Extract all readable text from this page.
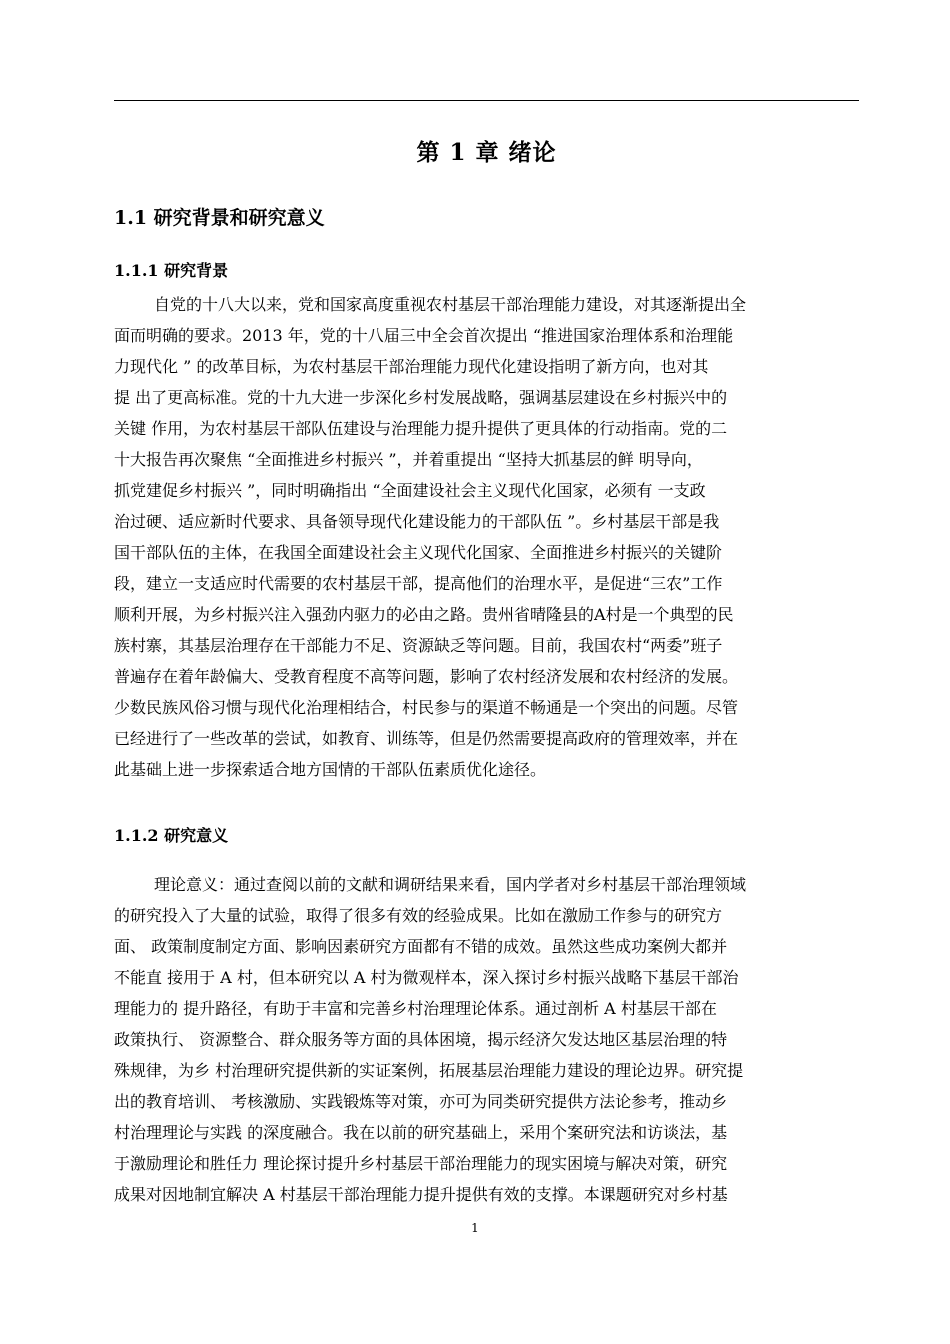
第 1 章 绪论
1.1 研究背景和研究意义
1.1.1 研究背景
自党的十八大以来，党和国家高度重视农村基层干部治理能力建设，对其逐渐提出全
面而明确的要求。2013 年，党的十八届三中全会首次提出 “推进国家治理体系和治理能
力现代化 ” 的改革目标，为农村基层干部治理能力现代化建设指明了新方向，也对其
提 出了更高标准。党的十九大进一步深化乡村发展战略，强调基层建设在乡村振兴中的
关键 作用，为农村基层干部队伍建设与治理能力提升提供了更具体的行动指南。党的二
十大报告再次聚焦 “全面推进乡村振兴 ”，并着重提出 “坚持大抓基层的鲜 明导向，
抓党建促乡村振兴 ”，同时明确指出 “全面建设社会主义现代化国家，必须有 一支政
治过硬、适应新时代要求、具备领导现代化建设能力的干部队伍 ”。乡村基层干部是我
国干部队伍的主体，在我国全面建设社会主义现代化国家、全面推进乡村振兴的关键阶
段，建立一支适应时代需要的农村基层干部，提高他们的治理水平，是促进“三农”工作
顺利开展，为乡村振兴注入强劲内驱力的必由之路。贵州省晴隆县的A村是一个典型的民
族村寨，其基层治理存在干部能力不足、资源缺乏等问题。目前，我国农村“两委”班子
普遍存在着年龄偏大、受教育程度不高等问题，影响了农村经济发展和农村经济的发展。
少数民族风俗习惯与现代化治理相结合，村民参与的渠道不畅通是一个突出的问题。尽管
已经进行了一些改革的尝试，如教育、训练等，但是仍然需要提高政府的管理效率，并在
此基础上进一步探索适合地方国情的干部队伍素质优化途径。
1.1.2 研究意义
理论意义：通过查阅以前的文献和调研结果来看，国内学者对乡村基层干部治理领域
的研究投入了大量的试验，取得了很多有效的经验成果。比如在激励工作参与的研究方
面、 政策制度制定方面、影响因素研究方面都有不错的成效。虽然这些成功案例大都并
不能直 接用于 A 村，但本研究以 A 村为微观样本，深入探讨乡村振兴战略下基层干部治
理能力的 提升路径，有助于丰富和完善乡村治理理论体系。通过剖析 A 村基层干部在
政策执行、 资源整合、群众服务等方面的具体困境，揭示经济欠发达地区基层治理的特
殊规律，为乡 村治理研究提供新的实证案例，拓展基层治理能力建设的理论边界。研究提
出的教育培训、 考核激励、实践锻炼等对策，亦可为同类研究提供方法论参考，推动乡
村治理理论与实践 的深度融合。我在以前的研究基础上，采用个案研究法和访谈法，基
于激励理论和胜任力 理论探讨提升乡村基层干部治理能力的现实困境与解决对策，研究
成果对因地制宜解决 A 村基层干部治理能力提升提供有效的支撑。本课题研究对乡村基
1
